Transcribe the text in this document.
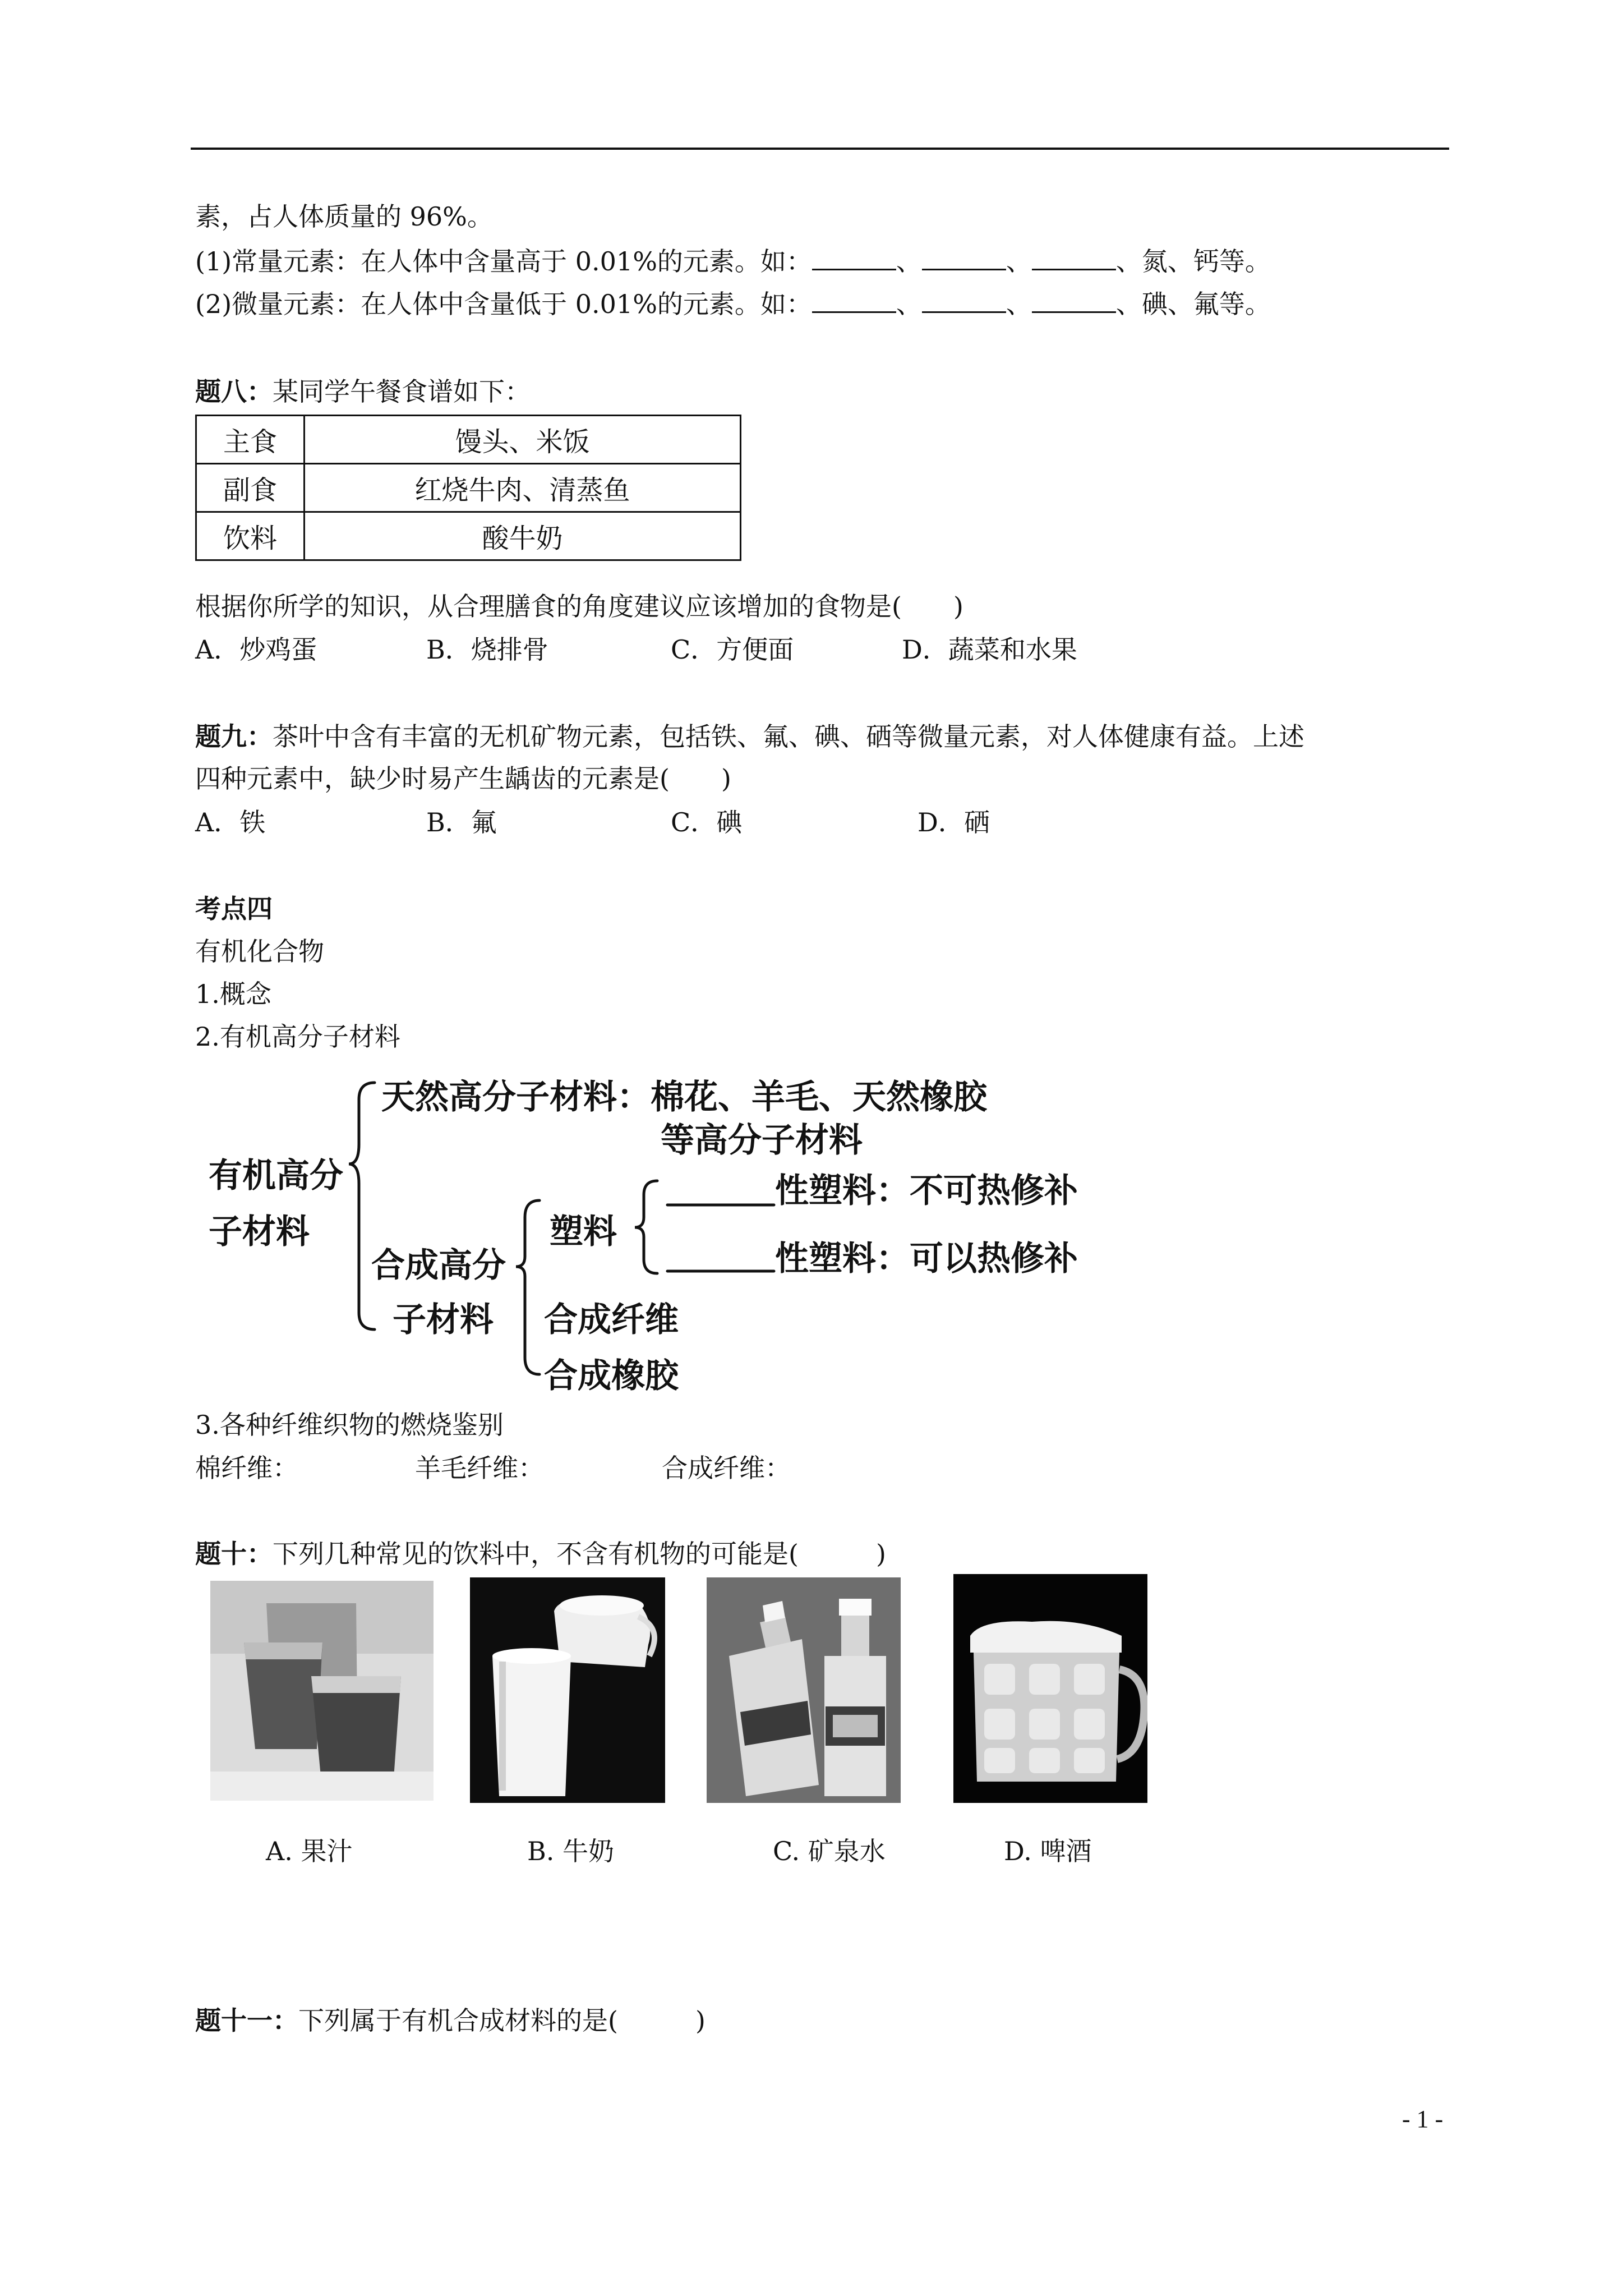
素，占人体质量的 96%。
(1)常量元素：在人体中含量高于 0.01%的元素。如：	、	、	、氮、钙等。
(2)微量元素：在人体中含量低于 0.01%的元素。如：	、	、	、碘、氟等。
题八：某同学午餐食谱如下：
主食	馒头、米饭
副食	红烧牛肉、清蒸鱼
饮料	酸牛奶
根据你所学的知识，从合理膳食的角度建议应该增加的食物是(　　)
A．炒鸡蛋	B．烧排骨	C．方便面	D．蔬菜和水果
题九：茶叶中含有丰富的无机矿物元素，包括铁、氟、碘、硒等微量元素，对人体健康有益。上述
四种元素中，缺少时易产生龋齿的元素是(　　)
A．铁	B．氟	C．碘	D．硒
考点四
有机化合物
1.概念
2.有机高分子材料
有机高分
子材料
天然高分子材料：棉花、羊毛、天然橡胶
等高分子材料
合成高分
子材料
塑料
性塑料：不可热修补
性塑料：可以热修补
合成纤维
合成橡胶
3.各种纤维织物的燃烧鉴别
棉纤维：	羊毛纤维：	合成纤维：
题十：下列几种常见的饮料中，不含有机物的可能是(　　　)
A. 果汁	B. 牛奶	C. 矿泉水	D. 啤酒
题十一：下列属于有机合成材料的是(　　　)
- 1 -
